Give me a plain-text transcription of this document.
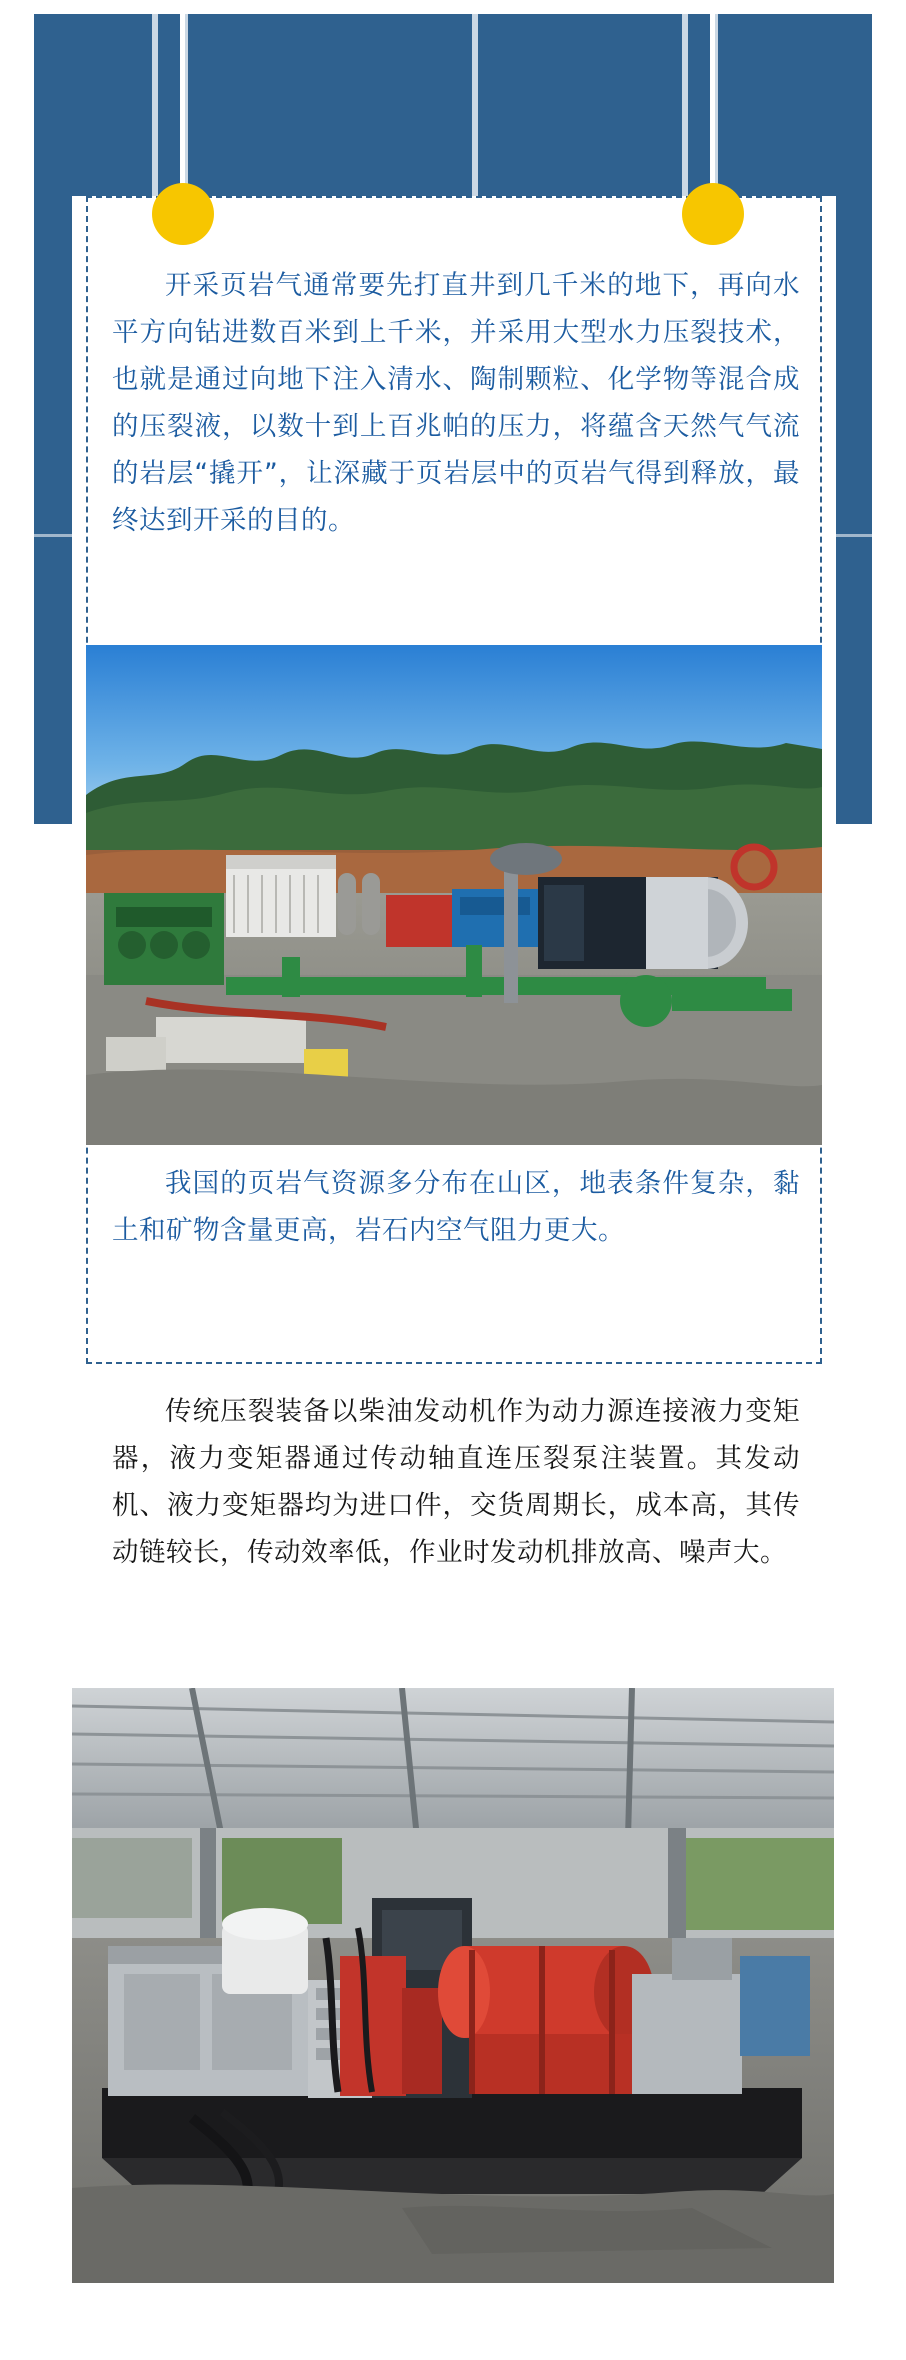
开采页岩气通常要先打直井到几千米的地下，再向水平方向钻进数百米到上千米，并采用大型水力压裂技术，也就是通过向地下注入清水、陶制颗粒、化学物等混合成的压裂液，以数十到上百兆帕的压力，将蕴含天然气气流的岩层“撬开”，让深藏于页岩层中的页岩气得到释放，最终达到开采的目的。
我国的页岩气资源多分布在山区，地表条件复杂，黏土和矿物含量更高，岩石内空气阻力更大。
传统压裂装备以柴油发动机作为动力源连接液力变矩器，液力变矩器通过传动轴直连压裂泵注装置。其发动机、液力变矩器均为进口件，交货周期长，成本高，其传动链较长，传动效率低，作业时发动机排放高、噪声大。
